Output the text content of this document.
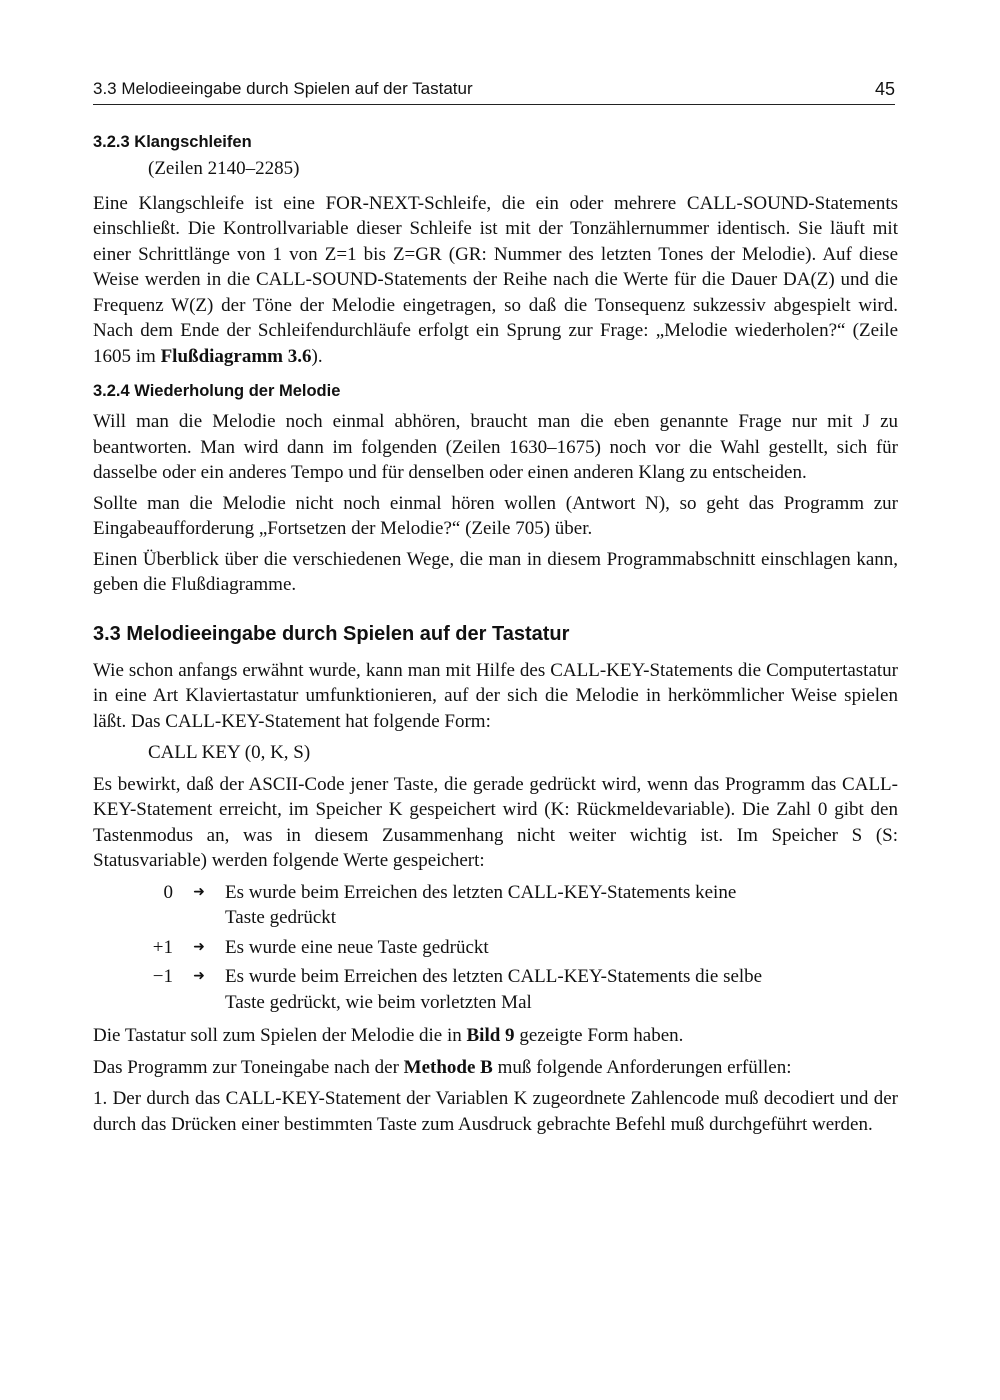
3.3 Melodieeingabe durch Spielen auf der Tastatur	45
3.2.3 Klangschleifen

(Zeilen 2140–2285)

Eine Klangschleife ist eine FOR-NEXT-Schleife, die ein oder mehrere CALL-SOUND-Statements einschließt. Die Kontrollvariable dieser Schleife ist mit der Tonzählernummer identisch. Sie läuft mit einer Schrittlänge von 1 von Z=1 bis Z=GR (GR: Nummer des letzten Tones der Melodie). Auf diese Weise werden in die CALL-SOUND-Statements der Reihe nach die Werte für die Dauer DA(Z) und die Frequenz W(Z) der Töne der Melodie eingetragen, so daß die Tonsequenz sukzessiv abgespielt wird. Nach dem Ende der Schleifendurchläufe erfolgt ein Sprung zur Frage: „Melodie wiederholen?“ (Zeile 1605 im Flußdiagramm 3.6).

3.2.4 Wiederholung der Melodie

Will man die Melodie noch einmal abhören, braucht man die eben genannte Frage nur mit J zu beantworten. Man wird dann im folgenden (Zeilen 1630–1675) noch vor die Wahl gestellt, sich für dasselbe oder ein anderes Tempo und für denselben oder einen anderen Klang zu entscheiden.

Sollte man die Melodie nicht noch einmal hören wollen (Antwort N), so geht das Programm zur Eingabeaufforderung „Fortsetzen der Melodie?“ (Zeile 705) über.

Einen Überblick über die verschiedenen Wege, die man in diesem Programmabschnitt einschlagen kann, geben die Flußdiagramme.

3.3 Melodieeingabe durch Spielen auf der Tastatur

Wie schon anfangs erwähnt wurde, kann man mit Hilfe des CALL-KEY-Statements die Computertastatur in eine Art Klaviertastatur umfunktionieren, auf der sich die Melodie in herkömmlicher Weise spielen läßt. Das CALL-KEY-Statement hat folgende Form:

CALL KEY (0, K, S)

Es bewirkt, daß der ASCII-Code jener Taste, die gerade gedrückt wird, wenn das Programm das CALL-KEY-Statement erreicht, im Speicher K gespeichert wird (K: Rückmeldevariable). Die Zahl 0 gibt den Tastenmodus an, was in diesem Zusammenhang nicht weiter wichtig ist. Im Speicher S (S: Statusvariable) werden folgende Werte gespeichert:

0	➜	Es wurde beim Erreichen des letzten CALL-KEY-Statements keine Taste gedrückt
+1	➜	Es wurde eine neue Taste gedrückt
−1	➜	Es wurde beim Erreichen des letzten CALL-KEY-Statements die selbe Taste gedrückt, wie beim vorletzten Mal

Die Tastatur soll zum Spielen der Melodie die in Bild 9 gezeigte Form haben.

Das Programm zur Toneingabe nach der Methode B muß folgende Anforderungen erfüllen:

1. Der durch das CALL-KEY-Statement der Variablen K zugeordnete Zahlencode muß decodiert und der durch das Drücken einer bestimmten Taste zum Ausdruck gebrachte Befehl muß durchgeführt werden.
